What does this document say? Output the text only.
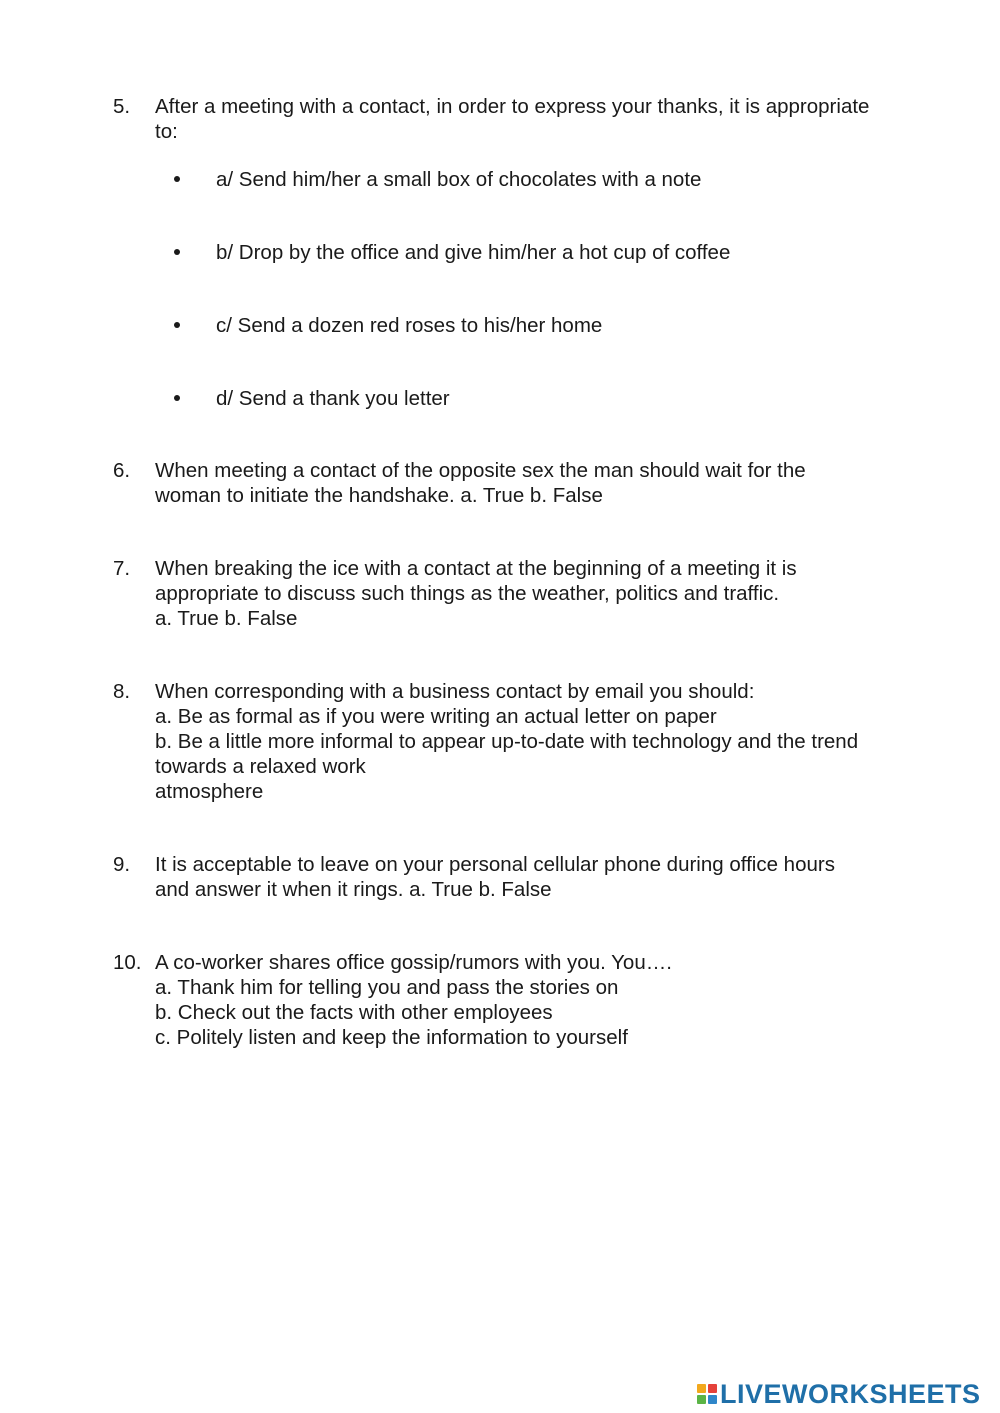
5.	After a meeting with a contact, in order to express your thanks, it is appropriate
to:
a/ Send him/her a small box of chocolates with a note
b/ Drop by the office and give him/her a hot cup of coffee
c/ Send a dozen red roses to his/her home
d/ Send a thank you letter
6.	When meeting a contact of the opposite sex the man should wait for the
woman to initiate the handshake. a. True b. False
7.	When breaking the ice with a contact at the beginning of a meeting it is
appropriate to discuss such things as the weather, politics and traffic.
a. True b. False
8.	When corresponding with a business contact by email you should:
a. Be as formal as if you were writing an actual letter on paper
b. Be a little more informal to appear up-to-date with technology and the trend
towards a relaxed work
atmosphere
9.	It is acceptable to leave on your personal cellular phone during office hours
and answer it when it rings. a. True b. False
10. A co-worker shares office gossip/rumors with you. You….
a. Thank him for telling you and pass the stories on
b. Check out the facts with other employees
c. Politely listen and keep the information to yourself
LIVEWORKSHEETS
